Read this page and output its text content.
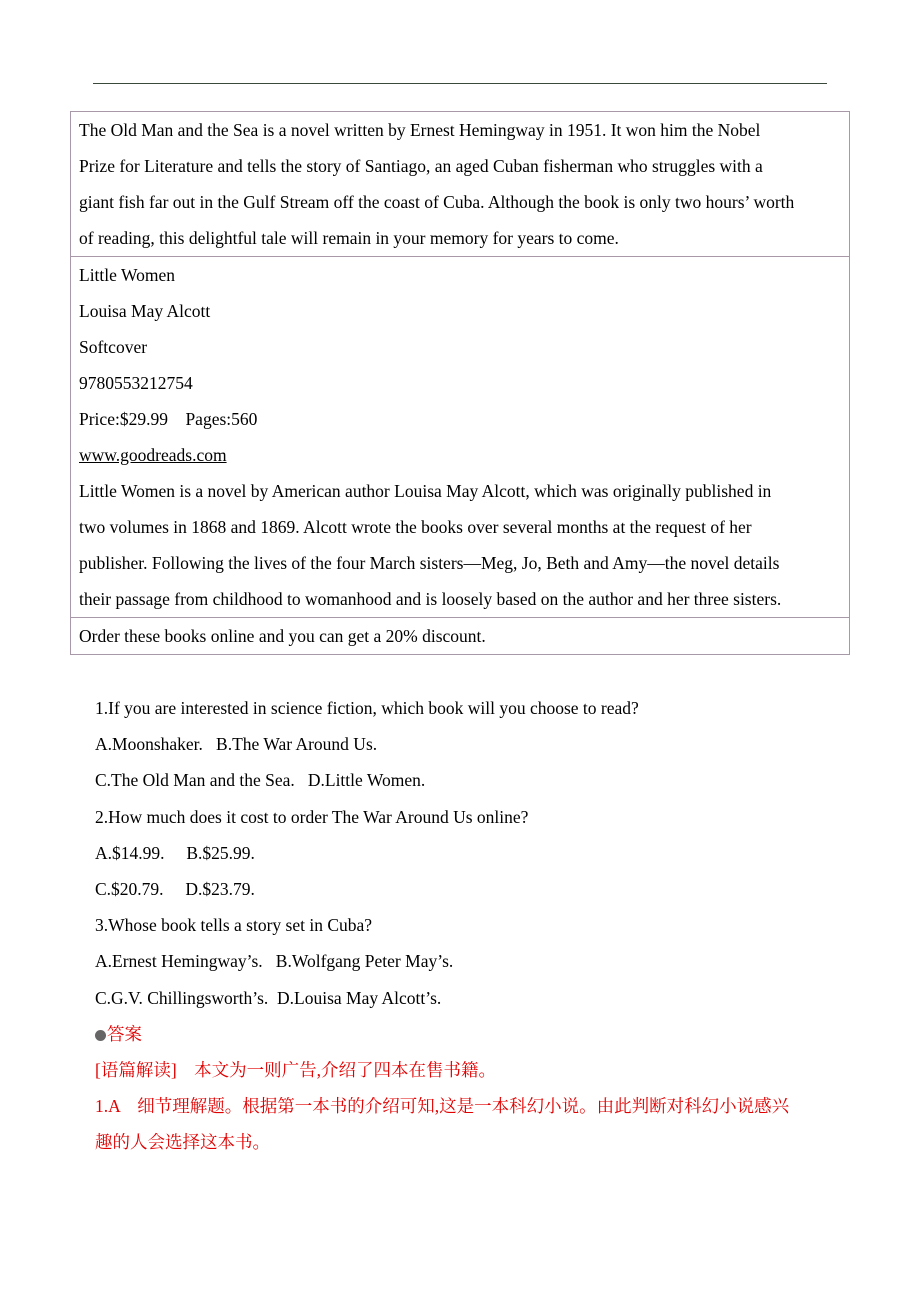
The Old Man and the Sea is a novel written by Ernest Hemingway in 1951. It won him the Nobel
Prize for Literature and tells the story of Santiago, an aged Cuban fisherman who struggles with a
giant fish far out in the Gulf Stream off the coast of Cuba. Although the book is only two hours’ worth
of reading, this delightful tale will remain in your memory for years to come.

Little Women
Louisa May Alcott
Softcover
9780553212754
Price:$29.99    Pages:560
www.goodreads.com
Little Women is a novel by American author Louisa May Alcott, which was originally published in
two volumes in 1868 and 1869. Alcott wrote the books over several months at the request of her
publisher. Following the lives of the four March sisters—Meg, Jo, Beth and Amy—the novel details
their passage from childhood to womanhood and is loosely based on the author and her three sisters.

Order these books online and you can get a 20% discount.
1.If you are interested in science fiction, which book will you choose to read?
A.Moonshaker.   B.The War Around Us.
C.The Old Man and the Sea.   D.Little Women.
2.How much does it cost to order The War Around Us online?
A.$14.99.     B.$25.99.
C.$20.79.     D.$23.79.
3.Whose book tells a story set in Cuba?
A.Ernest Hemingway’s.   B.Wolfgang Peter May’s.
C.G.V. Chillingsworth’s.  D.Louisa May Alcott’s.
答案
[语篇解读]　本文为一则广告,介绍了四本在售书籍。
1.A　细节理解题。根据第一本书的介绍可知,这是一本科幻小说。由此判断对科幻小说感兴
趣的人会选择这本书。
